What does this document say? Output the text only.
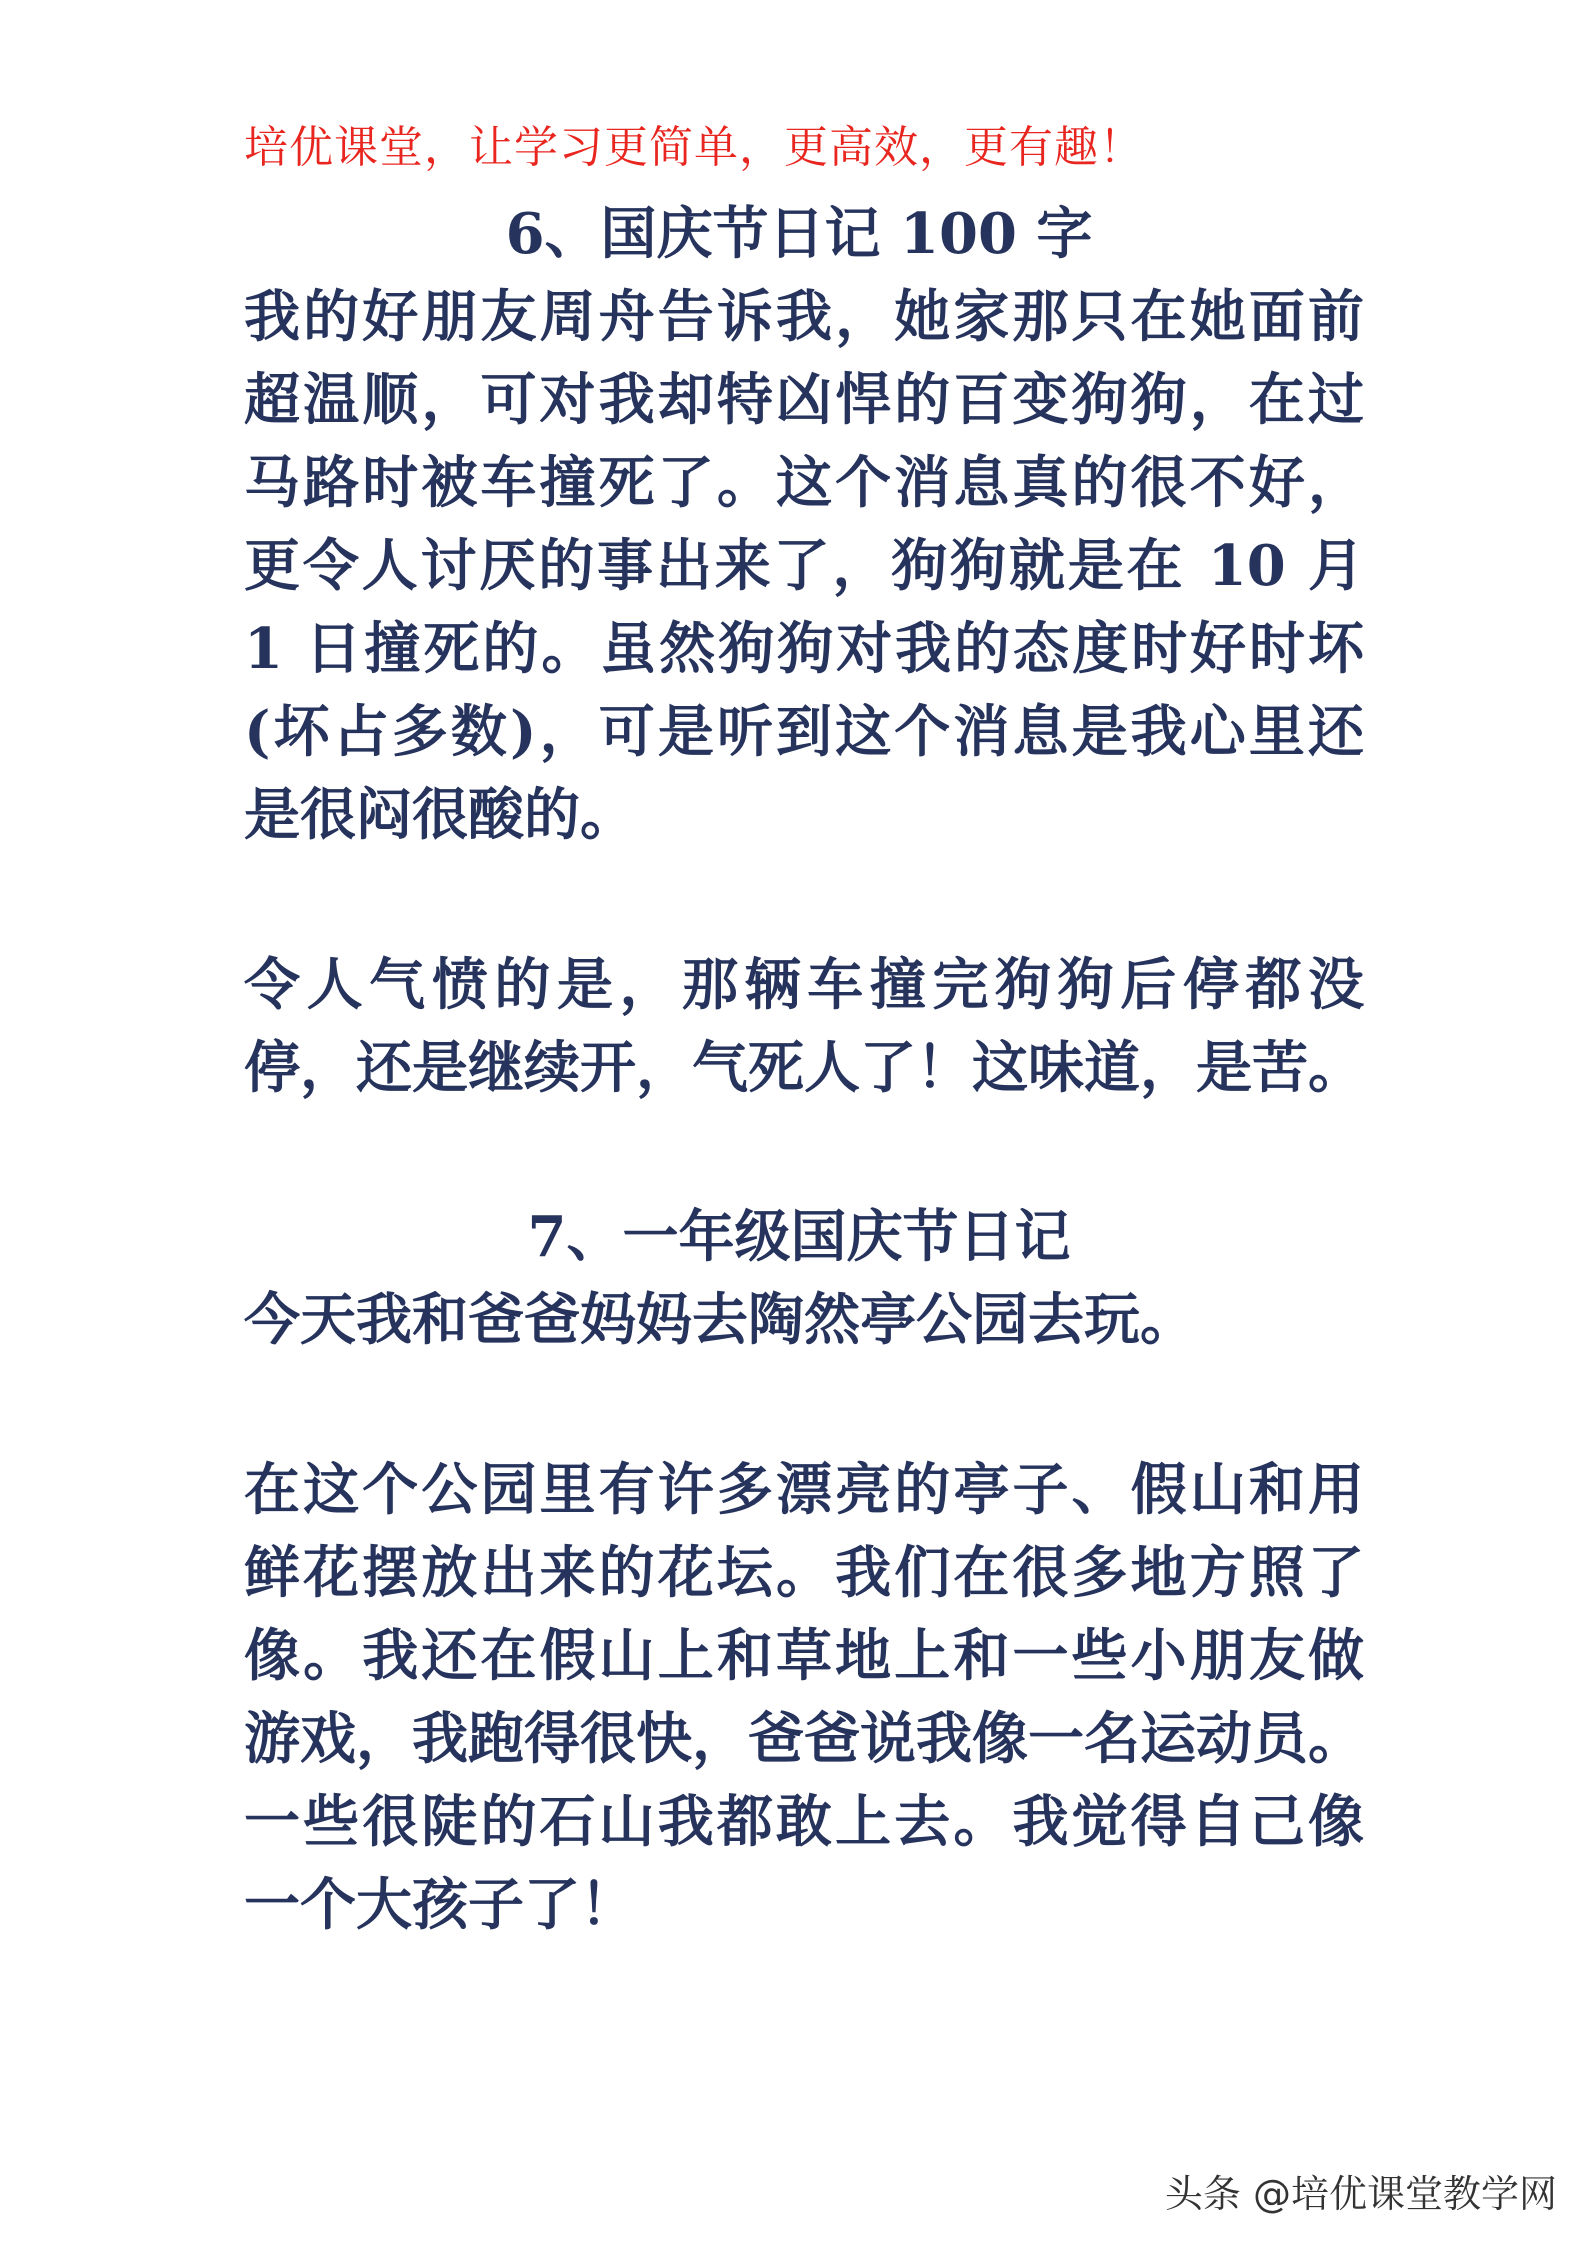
培优课堂，让学习更简单，更高效，更有趣！
6、国庆节日记 100 字
我的好朋友周舟告诉我，她家那只在她面前
超温顺，可对我却特凶悍的百变狗狗，在过
马路时被车撞死了。这个消息真的很不好，
更令人讨厌的事出来了，狗狗就是在 10 月
1 日撞死的。虽然狗狗对我的态度时好时坏
(坏占多数)，可是听到这个消息是我心里还
是很闷很酸的。
令人气愤的是，那辆车撞完狗狗后停都没
停，还是继续开，气死人了！这味道，是苦。
7、一年级国庆节日记
今天我和爸爸妈妈去陶然亭公园去玩。
在这个公园里有许多漂亮的亭子、假山和用
鲜花摆放出来的花坛。我们在很多地方照了
像。我还在假山上和草地上和一些小朋友做
游戏，我跑得很快，爸爸说我像一名运动员。
一些很陡的石山我都敢上去。我觉得自己像
一个大孩子了！
头条 @培优课堂教学网
